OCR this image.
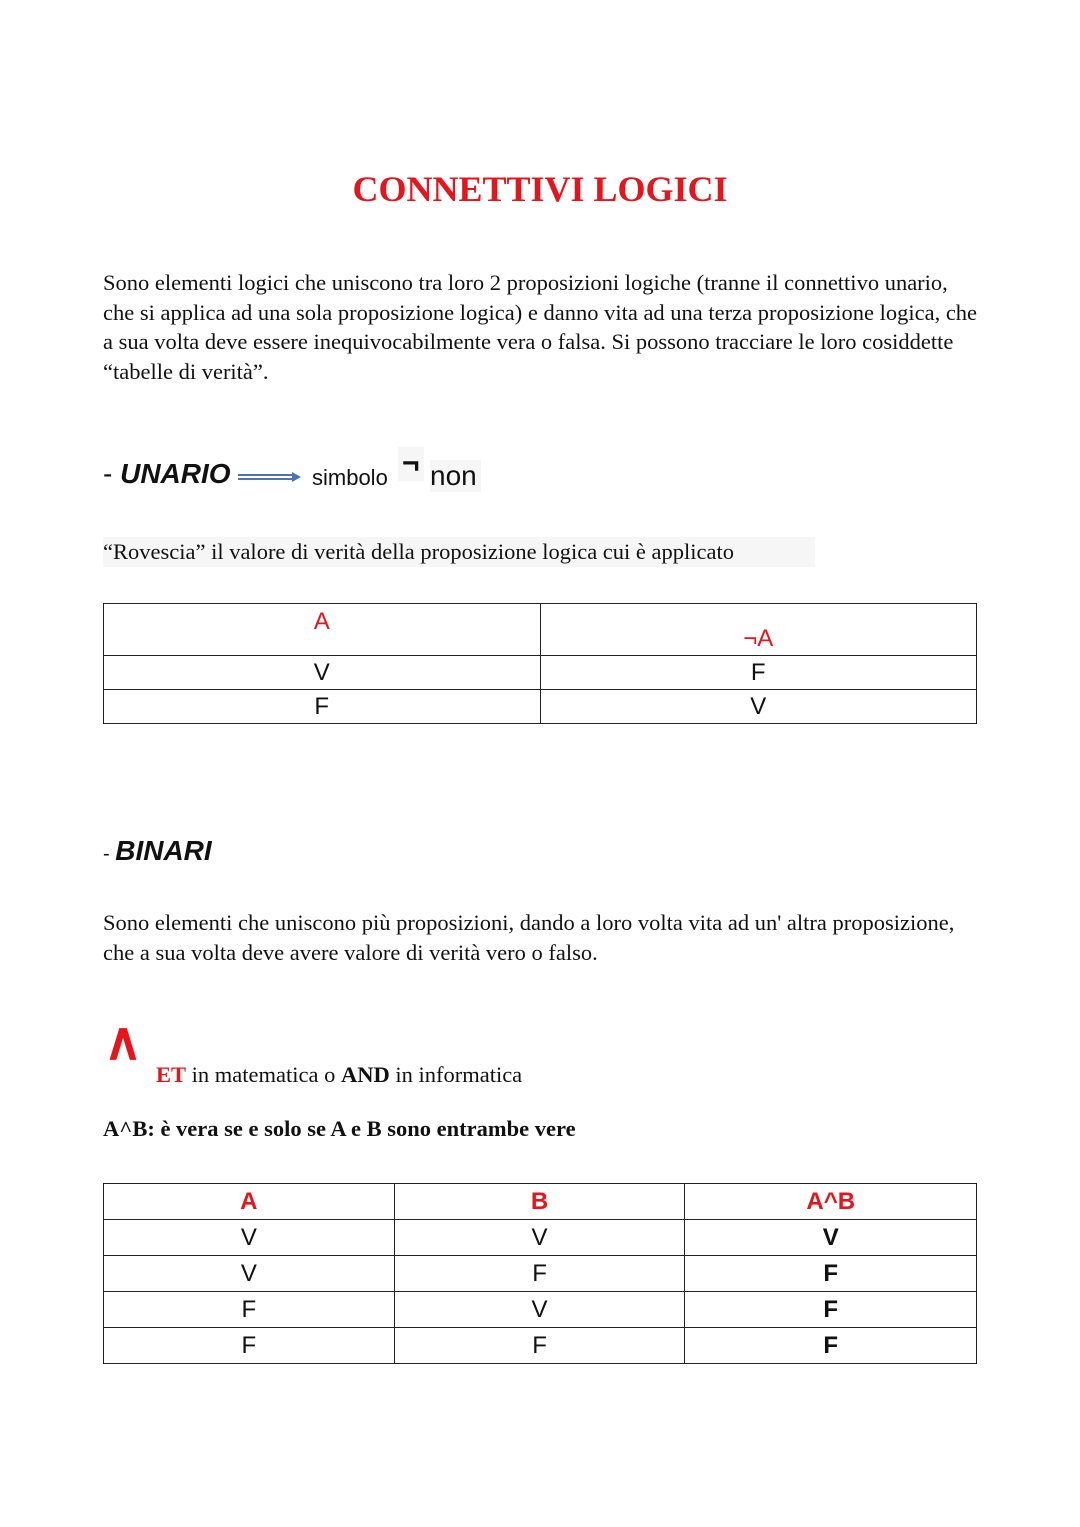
CONNETTIVI LOGICI
Sono elementi logici che uniscono tra loro 2 proposizioni logiche (tranne il connettivo unario, che si applica ad una sola proposizione logica) e danno vita ad una terza proposizione logica, che a sua volta deve essere inequivocabilmente vera o falsa. Si possono tracciare le loro cosiddette “tabelle di verità”.
- UNARIO	simbolo ¬ non
“Rovescia” il valore di verità della proposizione logica cui è applicato
A	¬A
V	F
F	V
- BINARI
Sono elementi che uniscono più proposizioni, dando a loro volta vita ad un' altra proposizione, che a sua volta deve avere valore di verità vero o falso.
∧
ET in matematica o AND in informatica
A^B: è vera se e solo se A e B sono entrambe vere
A	B	A^B
V	V	V
V	F	F
F	V	F
F	F	F
